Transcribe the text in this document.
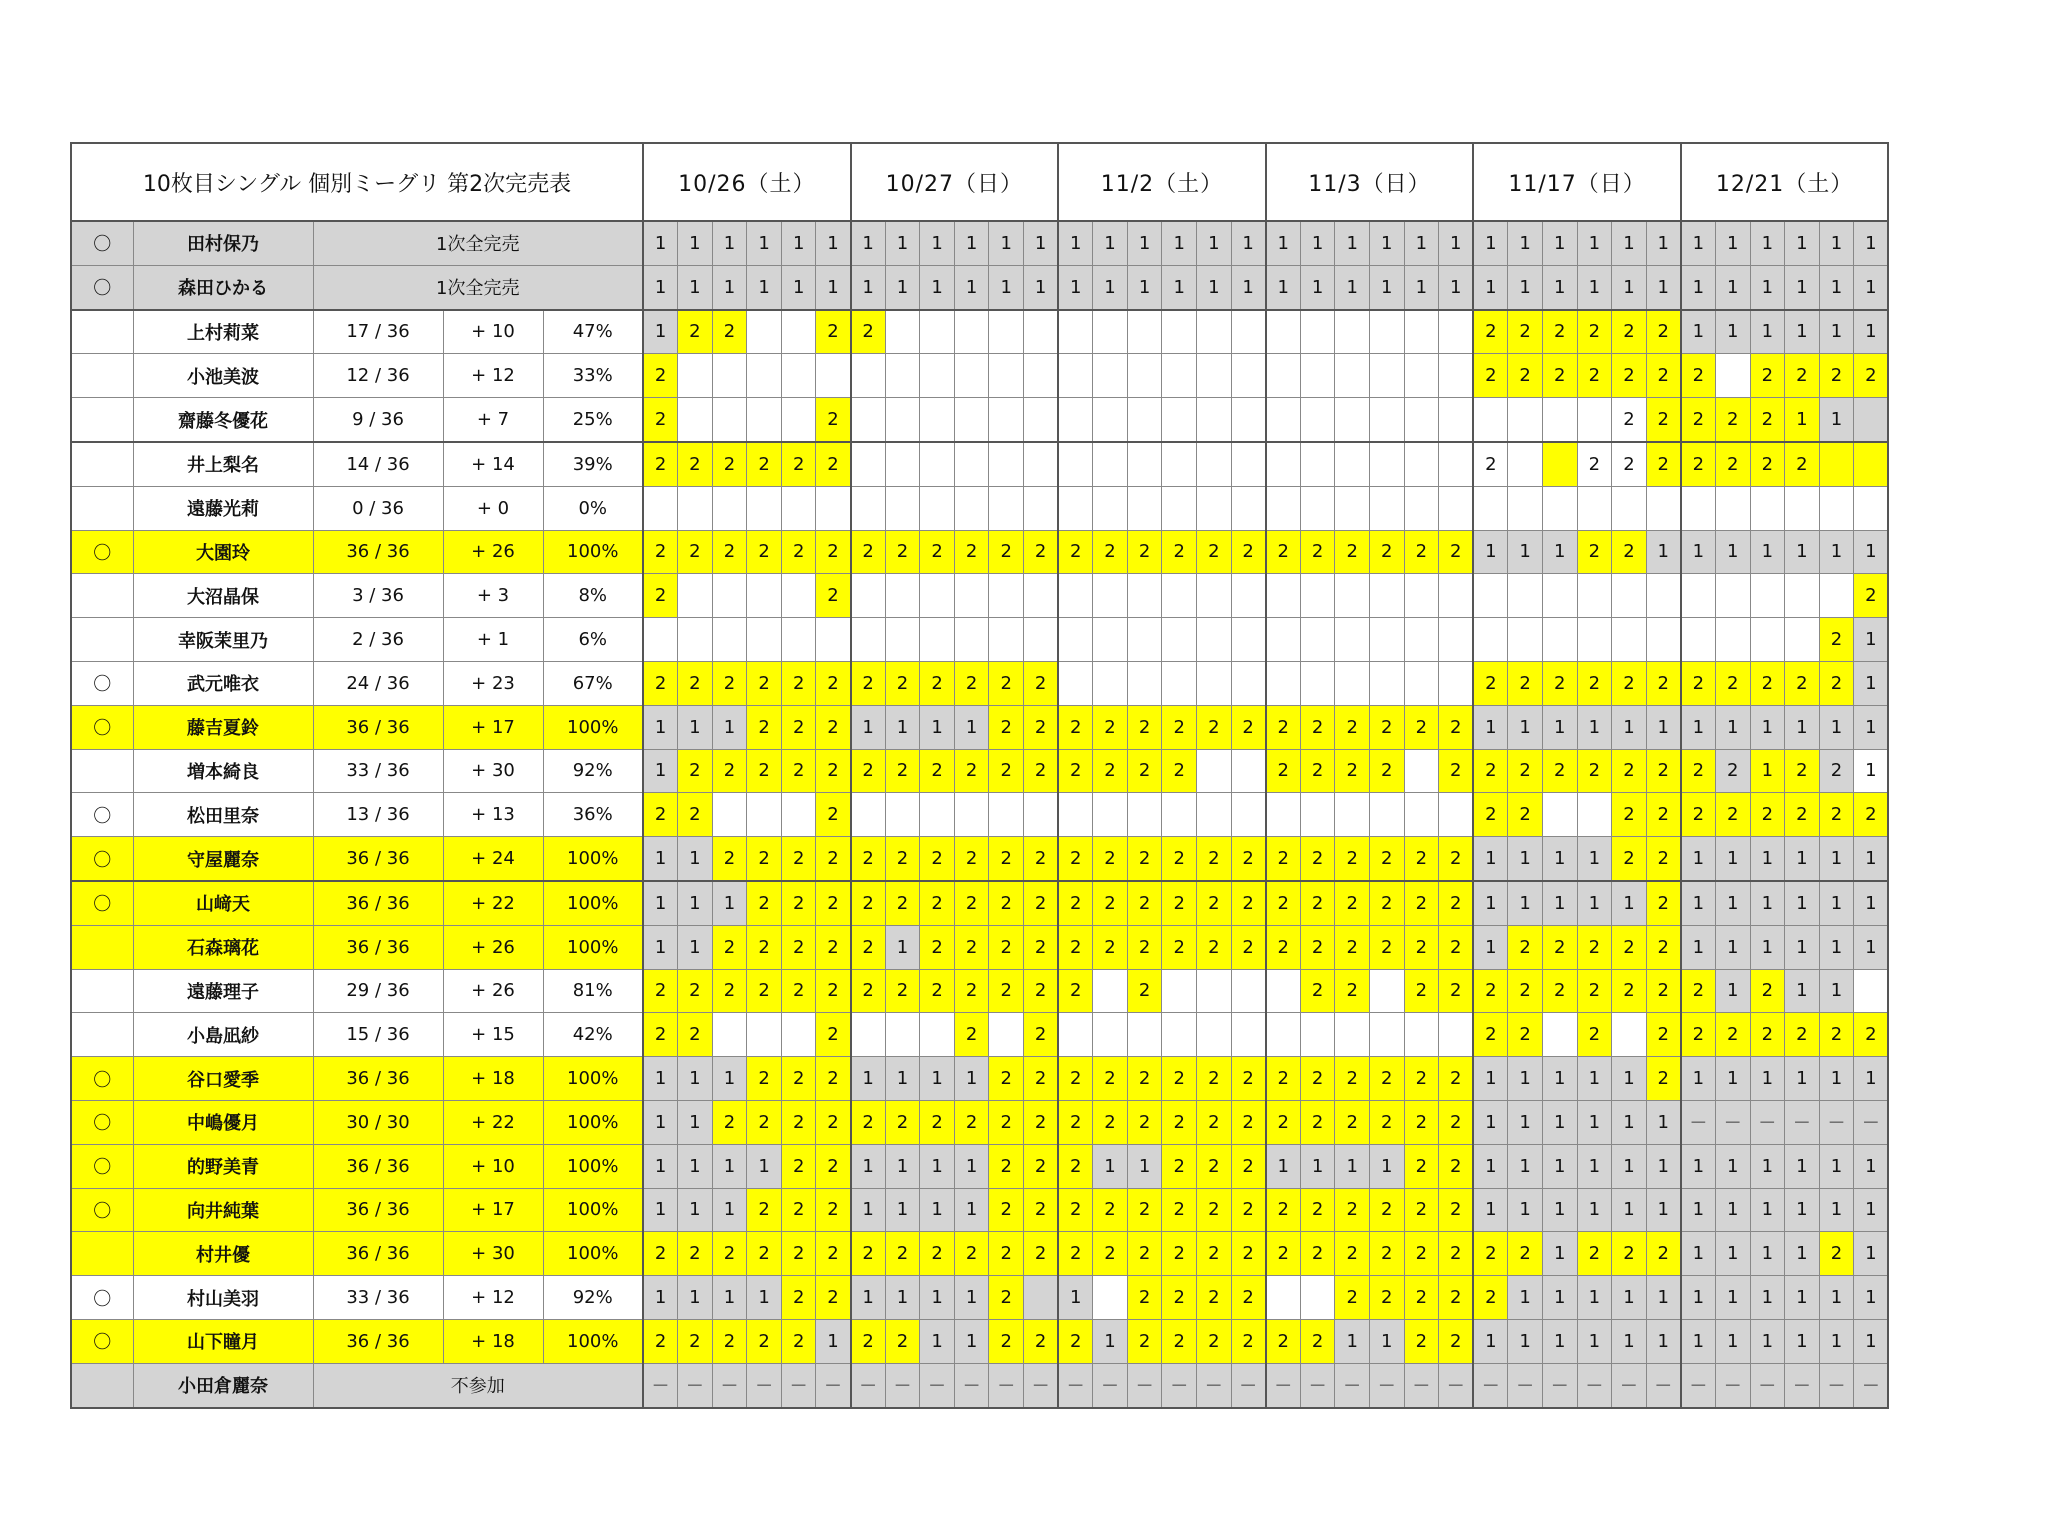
10枚目シングル 個別ミーグリ 第2次完売表					10/26（土）						10/27（日）						11/2（土）						11/3（日）						11/17（日）						12/21（土）					
〇	田村保乃	1次全完売			1	1	1	1	1	1	1	1	1	1	1	1	1	1	1	1	1	1	1	1	1	1	1	1	1	1	1	1	1	1	1	1	1	1	1	1
〇	森田ひかる	1次全完売			1	1	1	1	1	1	1	1	1	1	1	1	1	1	1	1	1	1	1	1	1	1	1	1	1	1	1	1	1	1	1	1	1	1	1	1
	上村莉菜	17 / 36	+ 10	47%	1	2	2			2	2																		2	2	2	2	2	2	1	1	1	1	1	1
	小池美波	12 / 36	+ 12	33%	2																								2	2	2	2	2	2	2		2	2	2	2
	齋藤冬優花	9 / 36	+ 7	25%	2					2																							2	2	2	2	2	1	1	
	井上梨名	14 / 36	+ 14	39%	2	2	2	2	2	2																			2			2	2	2	2	2	2	2		
	遠藤光莉	0 / 36	+ 0	0%																																				
〇	大園玲	36 / 36	+ 26	100%	2	2	2	2	2	2	2	2	2	2	2	2	2	2	2	2	2	2	2	2	2	2	2	2	1	1	1	2	2	1	1	1	1	1	1	1
	大沼晶保	3 / 36	+ 3	8%	2					2																														2
	幸阪茉里乃	2 / 36	+ 1	6%																																			2	1
〇	武元唯衣	24 / 36	+ 23	67%	2	2	2	2	2	2	2	2	2	2	2	2													2	2	2	2	2	2	2	2	2	2	2	1
〇	藤吉夏鈴	36 / 36	+ 17	100%	1	1	1	2	2	2	1	1	1	1	2	2	2	2	2	2	2	2	2	2	2	2	2	2	1	1	1	1	1	1	1	1	1	1	1	1
	増本綺良	33 / 36	+ 30	92%	1	2	2	2	2	2	2	2	2	2	2	2	2	2	2	2			2	2	2	2		2	2	2	2	2	2	2	2	2	1	2	2	1
〇	松田里奈	13 / 36	+ 13	36%	2	2				2																			2	2			2	2	2	2	2	2	2	2
〇	守屋麗奈	36 / 36	+ 24	100%	1	1	2	2	2	2	2	2	2	2	2	2	2	2	2	2	2	2	2	2	2	2	2	2	1	1	1	1	2	2	1	1	1	1	1	1
〇	山﨑天	36 / 36	+ 22	100%	1	1	1	2	2	2	2	2	2	2	2	2	2	2	2	2	2	2	2	2	2	2	2	2	1	1	1	1	1	2	1	1	1	1	1	1
	石森璃花	36 / 36	+ 26	100%	1	1	2	2	2	2	2	1	2	2	2	2	2	2	2	2	2	2	2	2	2	2	2	2	1	2	2	2	2	2	1	1	1	1	1	1
	遠藤理子	29 / 36	+ 26	81%	2	2	2	2	2	2	2	2	2	2	2	2	2		2					2	2		2	2	2	2	2	2	2	2	2	1	2	1	1	
	小島凪紗	15 / 36	+ 15	42%	2	2				2				2		2													2	2		2		2	2	2	2	2	2	2
〇	谷口愛季	36 / 36	+ 18	100%	1	1	1	2	2	2	1	1	1	1	2	2	2	2	2	2	2	2	2	2	2	2	2	2	1	1	1	1	1	2	1	1	1	1	1	1
〇	中嶋優月	30 / 30	+ 22	100%	1	1	2	2	2	2	2	2	2	2	2	2	2	2	2	2	2	2	2	2	2	2	2	2	1	1	1	1	1	1	－	－	－	－	－	－
〇	的野美青	36 / 36	+ 10	100%	1	1	1	1	2	2	1	1	1	1	2	2	2	1	1	2	2	2	1	1	1	1	2	2	1	1	1	1	1	1	1	1	1	1	1	1
〇	向井純葉	36 / 36	+ 17	100%	1	1	1	2	2	2	1	1	1	1	2	2	2	2	2	2	2	2	2	2	2	2	2	2	1	1	1	1	1	1	1	1	1	1	1	1
	村井優	36 / 36	+ 30	100%	2	2	2	2	2	2	2	2	2	2	2	2	2	2	2	2	2	2	2	2	2	2	2	2	2	2	1	2	2	2	1	1	1	1	2	1
〇	村山美羽	33 / 36	+ 12	92%	1	1	1	1	2	2	1	1	1	1	2		1		2	2	2	2			2	2	2	2	2	1	1	1	1	1	1	1	1	1	1	1
〇	山下瞳月	36 / 36	+ 18	100%	2	2	2	2	2	1	2	2	1	1	2	2	2	1	2	2	2	2	2	2	1	1	2	2	1	1	1	1	1	1	1	1	1	1	1	1
	小田倉麗奈	不参加			－	－	－	－	－	－	－	－	－	－	－	－	－	－	－	－	－	－	－	－	－	－	－	－	－	－	－	－	－	－	－	－	－	－	－	－
